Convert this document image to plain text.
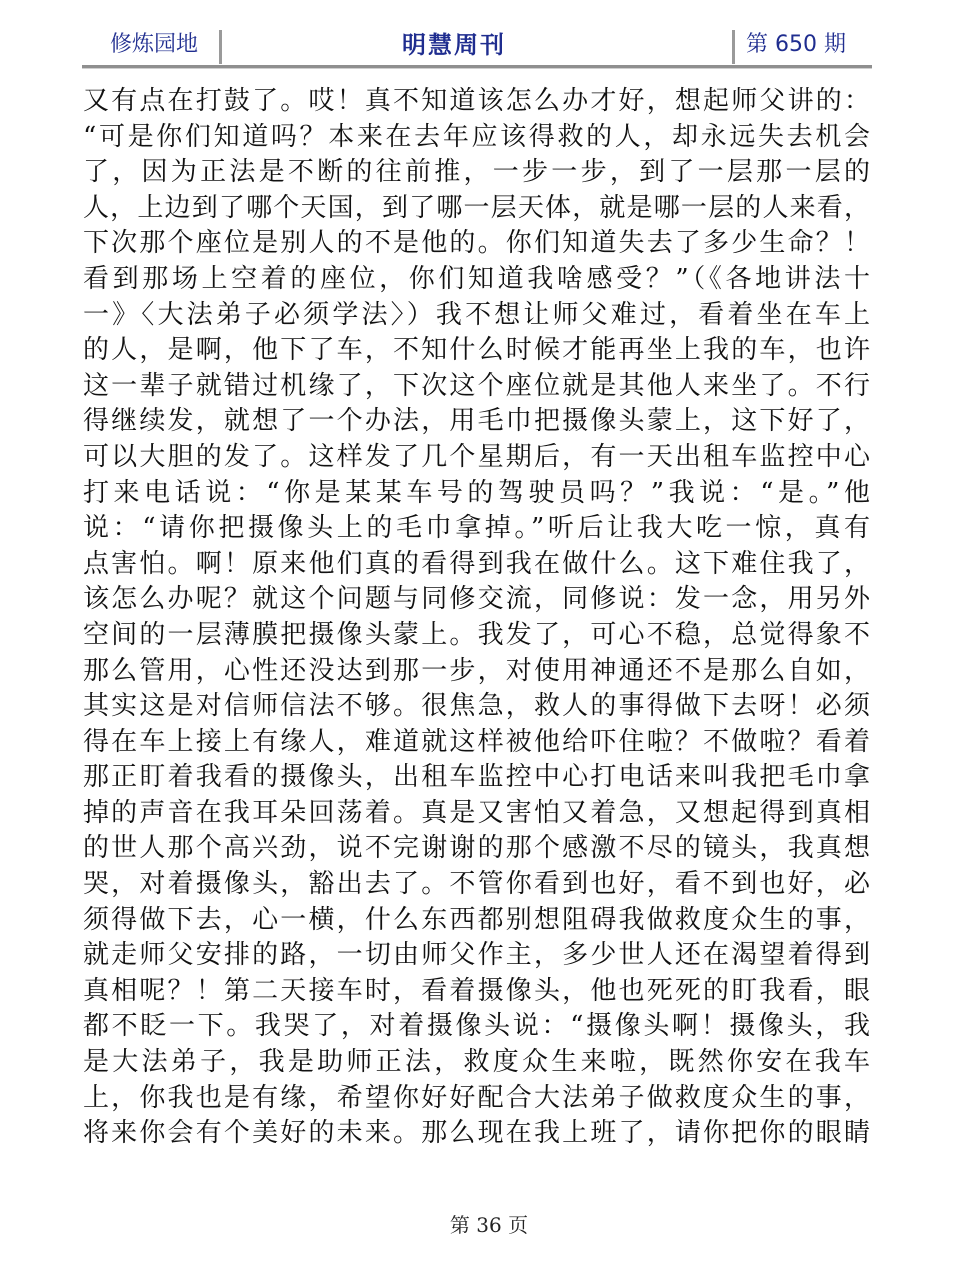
修炼园地	明慧周刊	第 650 期
又有点在打鼓了。哎！真不知道该怎么办才好，想起师父讲的：
“可是你们知道吗？本来在去年应该得救的人，却永远失去机会
了，因为正法是不断的往前推，一步一步，到了一层那一层的
人，上边到了哪个天国，到了哪一层天体，就是哪一层的人来看，
下次那个座位是别人的不是他的。你们知道失去了多少生命？！
看到那场上空着的座位，你们知道我啥感受？”（《各地讲法十
一》〈大法弟子必须学法〉）我不想让师父难过，看着坐在车上
的人，是啊，他下了车，不知什么时候才能再坐上我的车，也许
这一辈子就错过机缘了，下次这个座位就是其他人来坐了。不行
得继续发，就想了一个办法，用毛巾把摄像头蒙上，这下好了，
可以大胆的发了。这样发了几个星期后，有一天出租车监控中心
打来电话说：“你是某某车号的驾驶员吗？”我说：“是。”他
说：“请你把摄像头上的毛巾拿掉。”听后让我大吃一惊，真有
点害怕。啊！原来他们真的看得到我在做什么。这下难住我了，
该怎么办呢？就这个问题与同修交流，同修说：发一念，用另外
空间的一层薄膜把摄像头蒙上。我发了，可心不稳，总觉得象不
那么管用，心性还没达到那一步，对使用神通还不是那么自如，
其实这是对信师信法不够。很焦急，救人的事得做下去呀！必须
得在车上接上有缘人，难道就这样被他给吓住啦？不做啦？看着
那正盯着我看的摄像头，出租车监控中心打电话来叫我把毛巾拿
掉的声音在我耳朵回荡着。真是又害怕又着急，又想起得到真相
的世人那个高兴劲，说不完谢谢的那个感激不尽的镜头，我真想
哭，对着摄像头，豁出去了。不管你看到也好，看不到也好，必
须得做下去，心一横，什么东西都别想阻碍我做救度众生的事，
就走师父安排的路，一切由师父作主，多少世人还在渴望着得到
真相呢？！第二天接车时，看着摄像头，他也死死的盯我看，眼
都不眨一下。我哭了，对着摄像头说：“摄像头啊！摄像头，我
是大法弟子，我是助师正法，救度众生来啦，既然你安在我车
上，你我也是有缘，希望你好好配合大法弟子做救度众生的事，
将来你会有个美好的未来。那么现在我上班了，请你把你的眼睛
第 36 页
